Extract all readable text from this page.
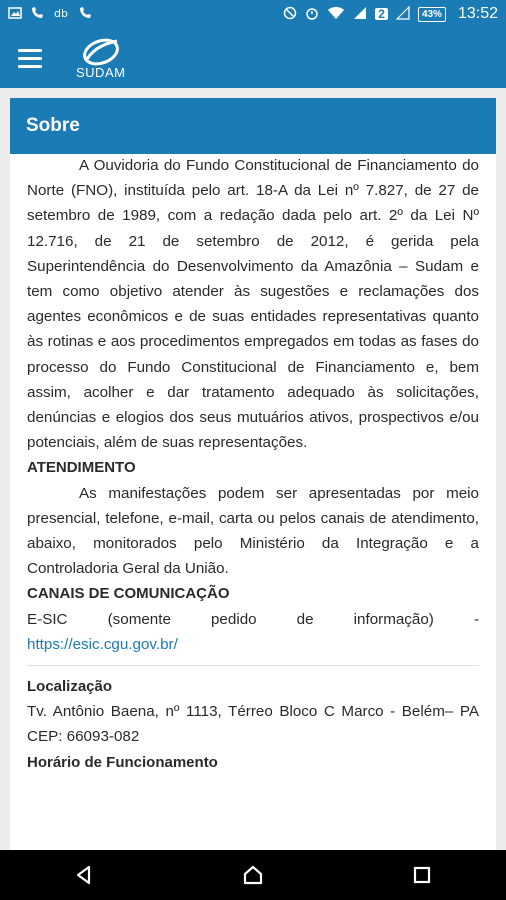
db	2	43% 13:52
SUDAM
Sobre

A Ouvidoria do Fundo Constitucional de Financiamento do Norte (FNO), instituída pelo art. 18-A da Lei nº 7.827, de 27 de setembro de 1989, com a redação dada pelo art. 2º da Lei Nº 12.716, de 21 de setembro de 2012, é gerida pela Superintendência do Desenvolvimento da Amazônia – Sudam e tem como objetivo atender às sugestões e reclamações dos agentes econômicos e de suas entidades representativas quanto às rotinas e aos procedimentos empregados em todas as fases do processo do Fundo Constitucional de Financiamento e, bem assim, acolher e dar tratamento adequado às solicitações, denúncias e elogios dos seus mutuários ativos, prospectivos e/ou potenciais, além de suas representações.

ATENDIMENTO

As manifestações podem ser apresentadas por meio presencial, telefone, e-mail, carta ou pelos canais de atendimento, abaixo, monitorados pelo Ministério da Integração e a Controladoria Geral da União.

CANAIS DE COMUNICAÇÃO

E-SIC (somente pedido de informação) -

https://esic.cgu.gov.br/

Localização

Tv. Antônio Baena, nº 1113, Térreo Bloco C Marco - Belém– PA CEP: 66093-082

Horário de Funcionamento
